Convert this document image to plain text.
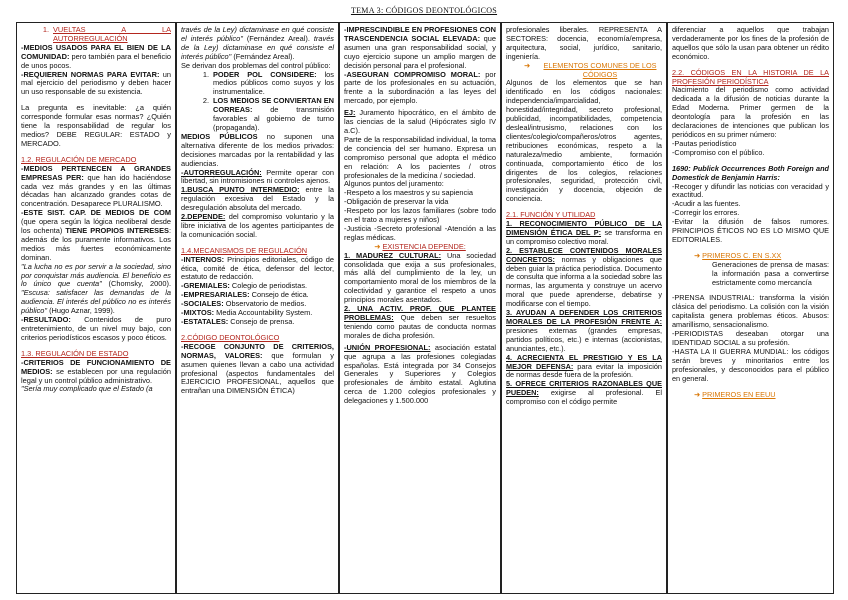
TEMA 3: CÓDIGOS DEONTOLÓGICOS
1. VUELTAS A LA AUTORREGULACIÓN

-MEDIOS USADOS PARA EL BIEN DE LA COMUNIDAD: pero también para el beneficio de unos pocos.

-REQUIEREN NORMAS PARA EVITAR: un mal ejercicio del periodismo y deben hacer un uso responsable de su existencia.

La pregunta es inevitable: ¿a quién corresponde formular esas normas? ¿Quién tiene la responsabilidad de regular los medios? DEBE REGULAR: ESTADO y MERCADO.

1.2. REGULACIÓN DE MERCADO

-MEDIOS PERTENECEN A GRANDES EMPRESAS PER: que han ido haciéndose cada vez más grandes y en las últimas décadas han alcanzado grandes cotas de concentración. Desaparece PLURALISMO.

-ESTE SIST. CAP. DE MEDIOS DE COM (que opera según la lógica neoliberal desde los ochenta) TIENE PROPIOS INTERESES: además de los puramente informativos. Los medios más fuertes económicamente dominan.

"La lucha no es por servir a la sociedad, sino por conquistar más audiencia. El beneficio es lo único que cuenta" (Chomsky, 2000). "Escusa: satisfacer las demandas de la audiencia. El interés del público no es interés público" (Hugo Aznar, 1999).

-RESULTADO: Contenidos de puro entretenimiento, de un nivel muy bajo, con criterios periodísticos escasos y poco éticos.

1.3. REGULACIÓN DE ESTADO

-CRITERIOS DE FUNCIONAMIENTO DE MEDIOS: se establecen por una regulación legal y un control público administrativo.

"Sería muy complicado que el Estado (a

través de la Ley) dictaminase en qué consiste el interés público" (Fernández Areal). través de la Ley) dictaminase en qué consiste el interés público" (Fernández Areal).

Se derivan dos problemas del control público:

1. PODER POL CONSIDERE: los medios públicos como suyos y los instrumentalice.
2. LOS MEDIOS SE CONVIERTAN EN CORREAS: de transmisión favorables al gobierno de turno (propaganda).

MEDIOS PÚBLICOS no suponen una alternativa diferente de los medios privados: decisiones marcadas por la rentabilidad y las audiencias.

-AUTORREGULACIÓN: Permite operar con libertad, sin intromisiones ni controles ajenos.

1.BUSCA PUNTO INTERMEDIO: entre la regulación excesiva del Estado y la desregulación absoluta del mercado.

2.DEPENDE: del compromiso voluntario y la libre iniciativa de los agentes participantes de la comunicación social.

1.4.MECANISMOS DE REGULACIÓN

-INTERNOS: Principios editoriales, código de ética, comité de ética, defensor del lector, estatuto de redacción.

-GREMIALES: Colegio de periodistas.

-EMPRESARIALES: Consejo de ética.

-SOCIALES: Observatorio de medios.

-MIXTOS: Media Accountability System.

-ESTATALES: Consejo de prensa.

2.CÓDIGO DEONTOLÓGICO

-RECOGE CONJUNTO DE CRITERIOS, NORMAS, VALORES: que formulan y asumen quienes llevan a cabo una actividad profesional (aspectos fundamentales del EJERCICIO PROFESIONAL, aquellos que entrañan una DIMENSIÓN ÉTICA)

-IMPRESCINDIBLE EN PROFESIONES CON TRASCENDENCIA SOCIAL ELEVADA: que asumen una gran responsabilidad social, y cuyo ejercicio supone un amplio margen de decisión personal para el profesional.

-ASEGURAN COMPROMISO MORAL: por parte de los profesionales en su actuación, frente a la subordinación a las leyes del mercado, por ejemplo.

EJ: Juramento hipocrático, en el ámbito de las ciencias de la salud (Hipócrates siglo IV a.C).

Parte de la responsabilidad individual, la toma de conciencia del ser humano. Expresa un compromiso personal que adopta el médico en relación: A los pacientes / otros profesionales de la medicina / sociedad.

Algunos puntos del juramento:

-Respeto a los maestros y su sapiencia

-Obligación de preservar la vida

-Respeto por los lazos familiares (sobre todo en el trato a mujeres y niños)

-Justicia -Secreto profesional -Atención a las reglas médicas.

➜ EXISTENCIA DEPENDE:

1. MADUREZ CULTURAL: Una sociedad consolidada que exija a sus profesionales, más allá del cumplimiento de la ley, un comportamiento moral de los miembros de la colectividad y garantice el respeto a unos principios morales asentados.

2. UNA ACTIV. PROF. QUE PLANTEE PROBLEMAS: Que deben ser resueltos teniendo como pautas de conducta normas morales de dicha profesión.

-UNIÓN PROFESIONAL: asociación estatal que agrupa a las profesiones colegiadas españolas. Está integrada por 34 Consejos Generales y Superiores y Colegios profesionales de ámbito estatal. Aglutina cerca de 1.200 colegios profesionales y delegaciones y 1.500.000

profesionales liberales. REPRESENTA A SECTORES: docencia, economía/empresa, arquitectura, social, jurídico, sanitario, ingeniería.

➜	ELEMENTOS COMUNES DE LOS CÓDIGOS

Algunos de los elementos que se han identificado en los códigos nacionales: independencia/imparcialidad, honestidad/integridad, secreto profesional, publicidad, incompatibilidades, competencia desleal/intrusismo, relaciones con los clientes/colegio/compañeros/otros agentes, retribuciones económicas, respeto a la naturaleza/medio ambiente, formación continuada, comportamiento ético de los dirigentes de los colegios, relaciones profesionales, seguridad, protección civil, investigación y docencia, objeción de conciencia.

2.1. FUNCIÓN Y UTILIDAD

1. RECONOCIMIENTO PÚBLICO DE LA DIMENSIÓN ÉTICA DEL P: se transforma en un compromiso colectivo moral.

2. ESTABLECE CONTENIDOS MORALES CONCRETOS: normas y obligaciones que deben guiar la práctica periodística. Documento de consulta que informa a la sociedad sobre las normas, las argumenta y construye un acervo moral que puede aprenderse, debatirse y modificarse con el tiempo.

3. AYUDAN A DEFENDER LOS CRITERIOS MORALES DE LA PROFESIÓN FRENTE A: presiones externas (grandes empresas, partidos políticos, etc.) e internas (accionistas, anunciantes, etc.).

4. ACRECIENTA EL PRESTIGIO Y ES LA MEJOR DEFENSA: para evitar la imposición de normas desde fuera de la profesión.

5. OFRECE CRITERIOS RAZONABLES QUE PUEDEN: exigirse al profesional. El compromiso con el código permite

diferenciar a aquellos que trabajan verdaderamente por los fines de la profesión de aquellos que sólo la usan para obtener un rédito económico.

2.2. CÓDIGOS EN LA HISTORIA DE LA PROFESIÓN PERIODÍSTICA

Nacimiento del periodismo como actividad dedicada a la difusión de noticias durante la Edad Moderna. Primer germen de la deontología para la profesión en las declaraciones de intenciones que publican los periódicos en su primer número:

-Pautas periodístico

-Compromiso con el público.

1690: Publick Occurrences Both Foreign and Domestick de Benjamin Harris:

-Recoger y difundir las noticias con veracidad y exactitud.

-Acudir a las fuentes.

-Corregir los errores.

-Evitar la difusión de falsos rumores. PRINCIPIOS ÉTICOS NO ES LO MISMO QUE EDITORIALES.

➜ PRIMEROS C. EN S.XX

Generaciones de prensa de masas: la información pasa a convertirse estrictamente como mercancía

-PRENSA INDUSTRIAL: transforma la visión clásica del periodismo. La colisión con la visión capitalista genera problemas éticos. Abusos: amarillismo, sensacionalismo.

-PERIODISTAS deseaban otorgar una IDENTIDAD SOCIAL a su profesión.

-HASTA LA II GUERRA MUNDIAL: los códigos serán breves y minoritarios entre los profesionales, y desconocidos para el público en general.

➜ PRIMEROS EN EEUU
